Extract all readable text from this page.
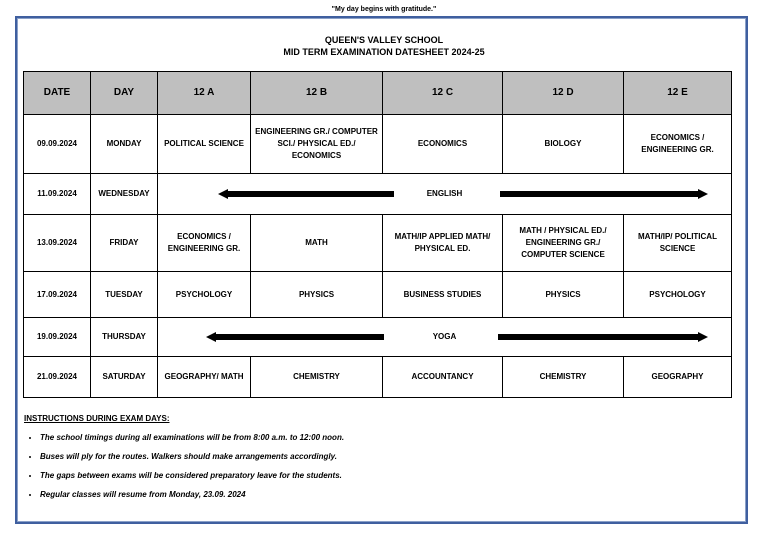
"My day begins with gratitude."
QUEEN'S VALLEY SCHOOL
MID TERM EXAMINATION DATESHEET 2024-25
DATE	DAY	12 A	12 B	12 C	12 D	12 E
09.09.2024	MONDAY	POLITICAL SCIENCE	ENGINEERING GR./ COMPUTER SCI./ PHYSICAL ED./ ECONOMICS	ECONOMICS	BIOLOGY	ECONOMICS / ENGINEERING GR.
11.09.2024	WEDNESDAY	ENGLISH				

13.09.2024	FRIDAY	ECONOMICS / ENGINEERING GR.	MATH	MATH/IP APPLIED MATH/ PHYSICAL ED.	MATH / PHYSICAL ED./ ENGINEERING GR./ COMPUTER SCIENCE	MATH/IP/ POLITICAL SCIENCE
17.09.2024	TUESDAY	PSYCHOLOGY	PHYSICS	BUSINESS STUDIES	PHYSICS	PSYCHOLOGY
19.09.2024	THURSDAY	YOGA				

21.09.2024	SATURDAY	GEOGRAPHY/ MATH	CHEMISTRY	ACCOUNTANCY	CHEMISTRY	GEOGRAPHY
INSTRUCTIONS DURING EXAM DAYS:
• The school timings during all examinations will be from 8:00 a.m. to 12:00 noon.
• Buses will ply for the routes. Walkers should make arrangements accordingly.
• The gaps between exams will be considered preparatory leave for the students.
• Regular classes will resume from Monday, 23.09. 2024
